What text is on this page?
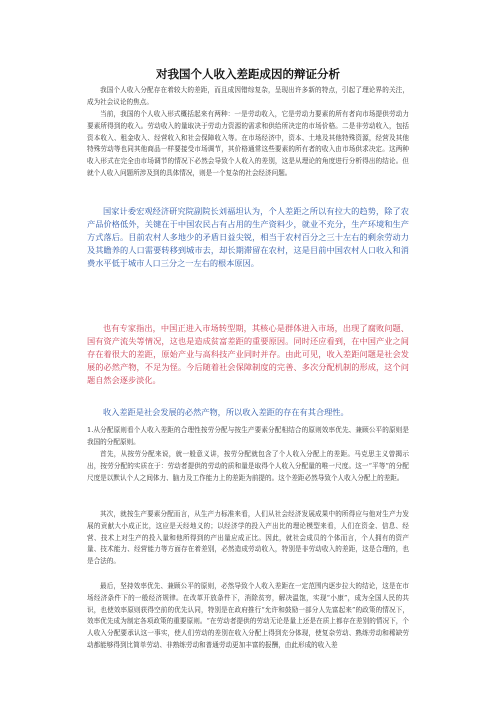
对我国个人收入差距成因的辩证分析
我国个人收入分配存在着较大的差距，而且成因错综复杂，呈现出许多新的特点，引起了理论界的关注，成为社会议论的焦点。
当前，我国的个人收入形式概括起来有两种：一是劳动收入，它是劳动力要素的所有者向市场提供劳动力要素所得到的收入。劳动收入的量取决于劳动力资源的需求和供给所决定的市场价格。二是非劳动收入，包括资本收入、租金收入、经营收入和社会保障收入等。在市场经济中，资本、土地及其他特殊资源，经营及其他特殊劳动等也同其他商品一样要接受市场调节，其价格通常这些要素的所有者的收入由市场供求决定。这两种收入形式在完全由市场调节的情况下必然会导致个人收入的差别，这是从理论的角度进行分析得出的结论。但就个人收入问题所涉及到的具体情况，则是一个复杂的社会经济问题。
国家计委宏观经济研究院副院长刘福坦认为，个人差距之所以有拉大的趋势，除了农产品价格低外，关键在于中国农民占有占用的生产资料少，就业不充分，生产环境和生产方式落后。目前农村人多地少的矛盾日益尖锐，相当于农村百分之三十左右的剩余劳动力及其瞻养的人口需要转移到城市去，却长期滞留在农村，这是目前中国农村人口收入和消费水平低于城市人口三分之一左右的根本原因。
也有专家指出，中国正进入市场转型期，其核心是群体进入市场，出现了腐败问题、国有资产流失等情况，这也是造成贫富差距的重要原因。同时还应看到，在中国产业之间存在着很大的差距，原始产业与高科技产业同时并存。由此可见，收入差距问题是社会发展的必然产物，不足为怪。今后随着社会保障制度的完善、多次分配机制的形成，这个问题自然会逐步淡化。
收入差距是社会发展的必然产物，所以收入差距的存在有其合理性。
1.从分配原则看个人收入差距的合理性按劳分配与按生产要素分配相结合的原则效率优先、兼顾公平的原则是我国的分配原则。
首先，从按劳分配来说，就一般意义讲，按劳分配就包含了个人收入分配上的差距。马克思主义曾揭示出，按劳分配的实质在于：劳动者提供的劳动的质和量是取得个人收入分配量的唯一尺度。这一“平等”的分配尺度是以默认个人之间体力、脑力及工作能力上的差距为前提的。这个差距必然导致个人收入分配上的差距。
其次，就按生产要素分配而言，从生产力标准来看，人们从社会经济发展成果中的所得应与他对生产力发展的贡献大小成正比，这应是天经地义的；以经济学的投入产出比的理论模型来看，人们在资金、信息、经营、技术上对生产的投入量和他所得到的产出量应成正比。因此，就社会成员的个体而言，个人拥有的资产量、技术能力、经营能力等方面存在着差别，必然造成劳动收入，特别是非劳动收入的差距，这是合理的，也是合法的。
最后，坚持效率优先、兼顾公平的原则，必然导致个人收入差距在一定范围内逐步拉大的结论，这是在市场经济条件下的一般经济规律。在改革开放条件下，消除贫穷，解决温饱，实现“小康”，成为全国人民的共识，也使效率原则获得空前的优先认同，特别是在政府推行“允许和鼓励一部分人先富起来”的政策的情况下，效率优先成为制定各项政策的重要原则。“在劳动者提供的劳动无论是量上还是在质上都存在差别的情况下，个人收入分配要承认这一事实，使人们劳动的差别在收入分配上得到充分体现，使复杂劳动、熟练劳动和稀缺劳动都能够得到比简单劳动、非熟练劳动和普通劳动更加丰富的报酬，由此形成的收入差
